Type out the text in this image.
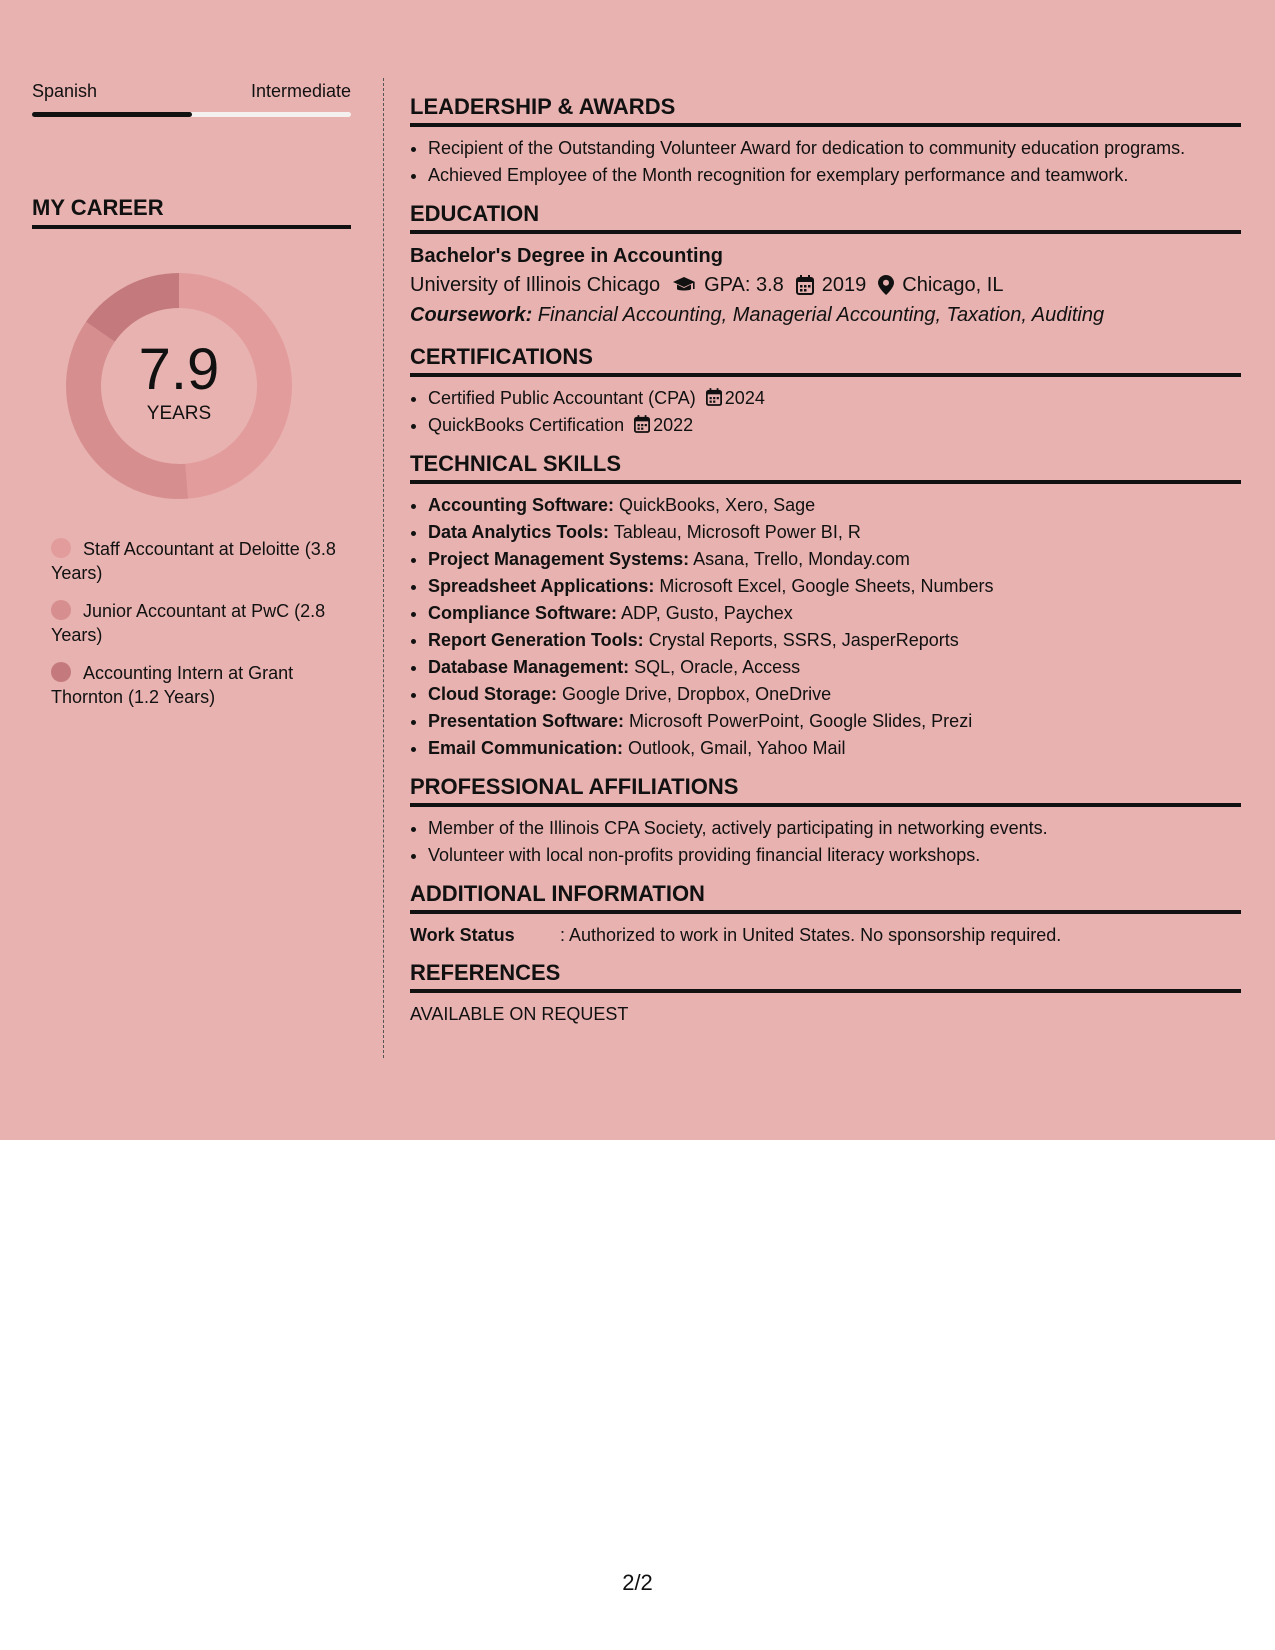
Spanish	Intermediate
MY CAREER
7.9
YEARS
Staff Accountant at Deloitte (3.8 Years)
Junior Accountant at PwC (2.8 Years)
Accounting Intern at Grant Thornton (1.2 Years)
LEADERSHIP & AWARDS
• Recipient of the Outstanding Volunteer Award for dedication to community education programs.
• Achieved Employee of the Month recognition for exemplary performance and teamwork.
EDUCATION
Bachelor's Degree in Accounting
University of Illinois Chicago GPA: 3.8 2019 Chicago, IL
Coursework: Financial Accounting, Managerial Accounting, Taxation, Auditing
CERTIFICATIONS
• Certified Public Accountant (CPA) 2024
• QuickBooks Certification 2022
TECHNICAL SKILLS
• Accounting Software: QuickBooks, Xero, Sage
• Data Analytics Tools: Tableau, Microsoft Power BI, R
• Project Management Systems: Asana, Trello, Monday.com
• Spreadsheet Applications: Microsoft Excel, Google Sheets, Numbers
• Compliance Software: ADP, Gusto, Paychex
• Report Generation Tools: Crystal Reports, SSRS, JasperReports
• Database Management: SQL, Oracle, Access
• Cloud Storage: Google Drive, Dropbox, OneDrive
• Presentation Software: Microsoft PowerPoint, Google Slides, Prezi
• Email Communication: Outlook, Gmail, Yahoo Mail
PROFESSIONAL AFFILIATIONS
• Member of the Illinois CPA Society, actively participating in networking events.
• Volunteer with local non-profits providing financial literacy workshops.
ADDITIONAL INFORMATION
Work Status	: Authorized to work in United States. No sponsorship required.
REFERENCES
AVAILABLE ON REQUEST
2/2
